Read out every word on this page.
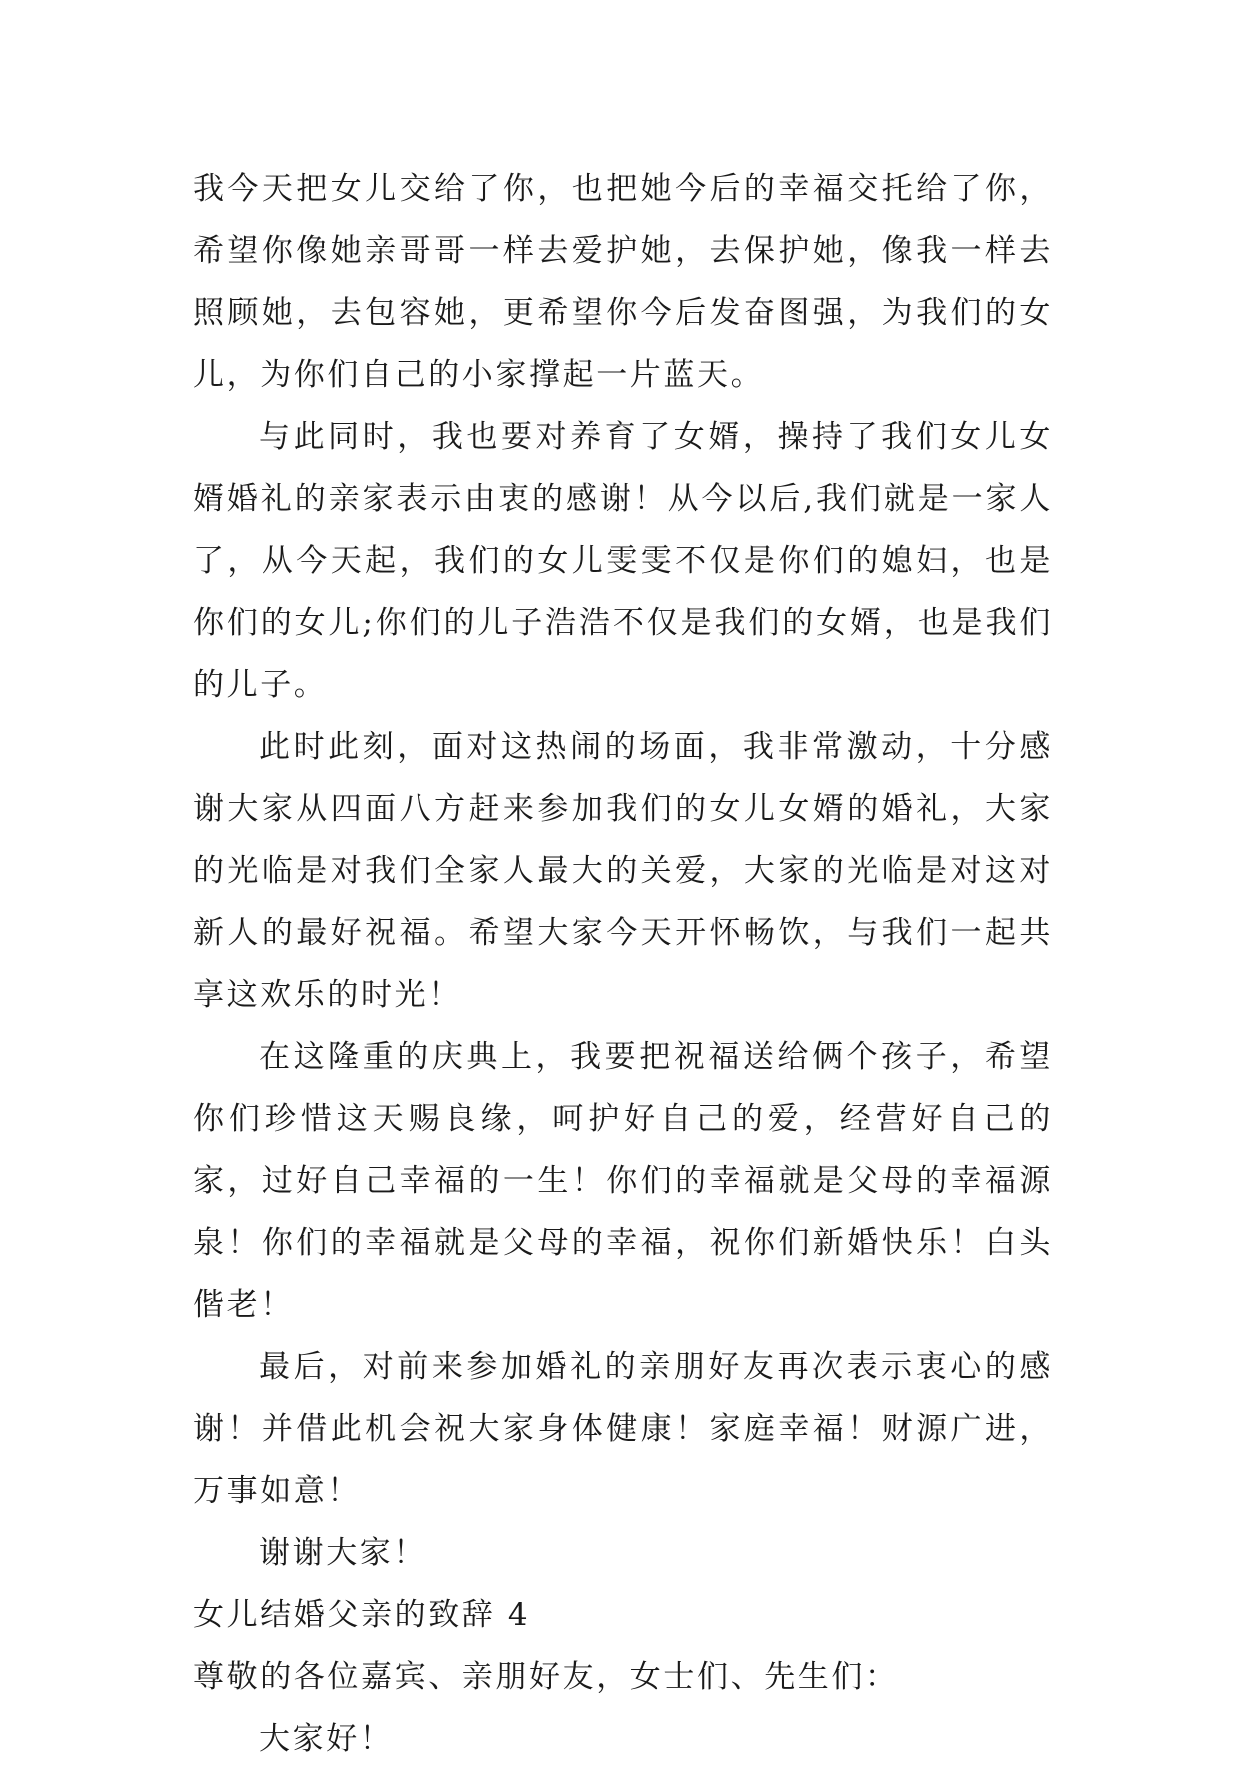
我今天把女儿交给了你，也把她今后的幸福交托给了你，希望你像她亲哥哥一样去爱护她，去保护她，像我一样去照顾她，去包容她，更希望你今后发奋图强，为我们的女儿，为你们自己的小家撑起一片蓝天。

与此同时，我也要对养育了女婿，操持了我们女儿女婿婚礼的亲家表示由衷的感谢！从今以后,我们就是一家人了，从今天起，我们的女儿雯雯不仅是你们的媳妇，也是你们的女儿;你们的儿子浩浩不仅是我们的女婿，也是我们的儿子。

此时此刻，面对这热闹的场面，我非常激动，十分感谢大家从四面八方赶来参加我们的女儿女婿的婚礼，大家的光临是对我们全家人最大的关爱，大家的光临是对这对新人的最好祝福。希望大家今天开怀畅饮，与我们一起共享这欢乐的时光！

在这隆重的庆典上，我要把祝福送给俩个孩子，希望你们珍惜这天赐良缘，呵护好自己的爱，经营好自己的家，过好自己幸福的一生！你们的幸福就是父母的幸福源泉！你们的幸福就是父母的幸福，祝你们新婚快乐！白头偕老！

最后，对前来参加婚礼的亲朋好友再次表示衷心的感谢！并借此机会祝大家身体健康！家庭幸福！财源广进，万事如意！

谢谢大家！

女儿结婚父亲的致辞 4

尊敬的各位嘉宾、亲朋好友，女士们、先生们：

大家好！
